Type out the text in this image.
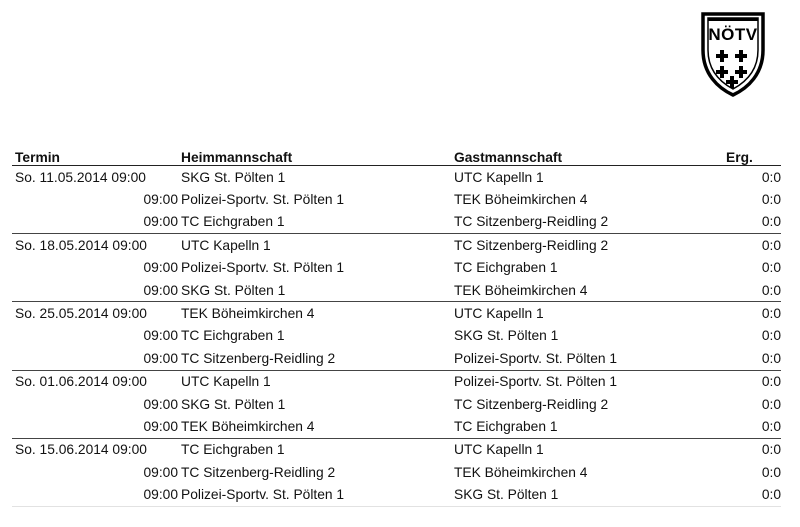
NÖTV
Termin	Heimmannschaft	Gastmannschaft	Erg.
So. 11.05.2014 09:00	SKG St. Pölten 1	UTC Kapelln 1	0:0
09:00	Polizei-Sportv. St. Pölten 1	TEK Böheimkirchen 4	0:0
09:00	TC Eichgraben 1	TC Sitzenberg-Reidling 2	0:0
So. 18.05.2014 09:00	UTC Kapelln 1	TC Sitzenberg-Reidling 2	0:0
09:00	Polizei-Sportv. St. Pölten 1	TC Eichgraben 1	0:0
09:00	SKG St. Pölten 1	TEK Böheimkirchen 4	0:0
So. 25.05.2014 09:00	TEK Böheimkirchen 4	UTC Kapelln 1	0:0
09:00	TC Eichgraben 1	SKG St. Pölten 1	0:0
09:00	TC Sitzenberg-Reidling 2	Polizei-Sportv. St. Pölten 1	0:0
So. 01.06.2014 09:00	UTC Kapelln 1	Polizei-Sportv. St. Pölten 1	0:0
09:00	SKG St. Pölten 1	TC Sitzenberg-Reidling 2	0:0
09:00	TEK Böheimkirchen 4	TC Eichgraben 1	0:0
So. 15.06.2014 09:00	TC Eichgraben 1	UTC Kapelln 1	0:0
09:00	TC Sitzenberg-Reidling 2	TEK Böheimkirchen 4	0:0
09:00	Polizei-Sportv. St. Pölten 1	SKG St. Pölten 1	0:0
